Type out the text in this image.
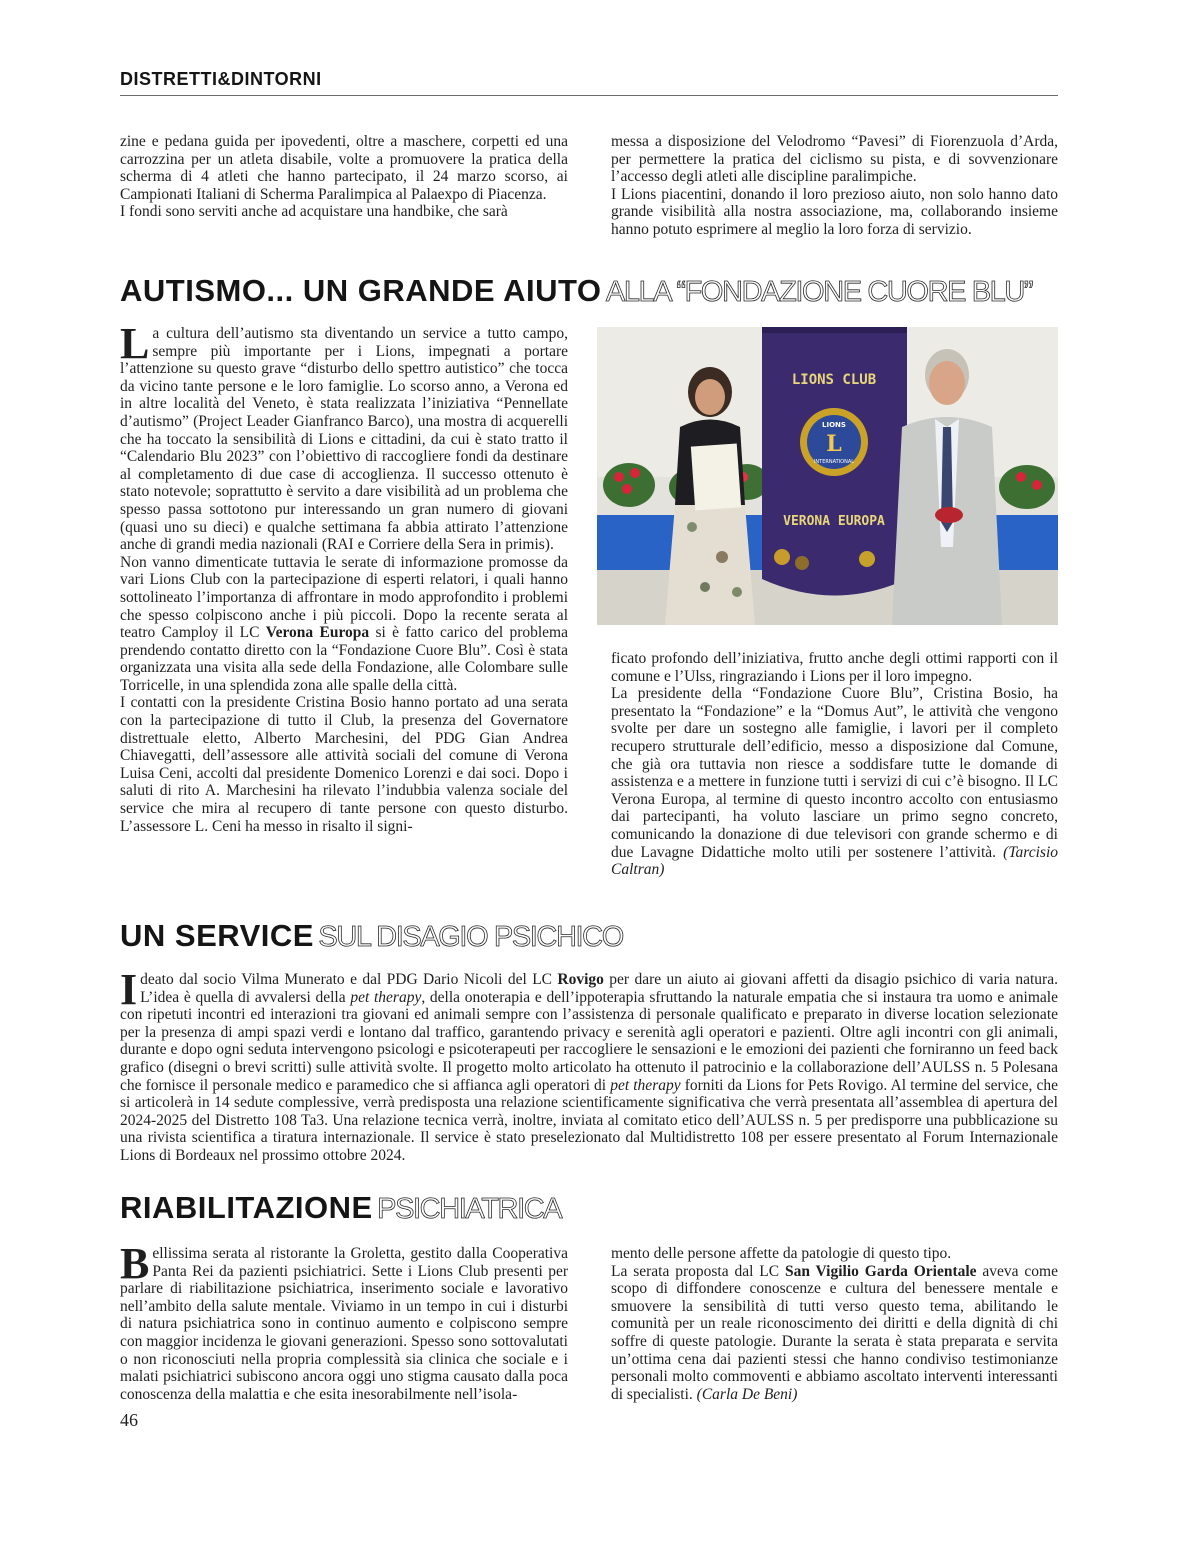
DISTRETTI&DINTORNI

zine e pedana guida per ipovedenti, oltre a maschere, corpetti ed una carrozzina per un atleta disabile, volte a promuovere la pratica della scherma di 4 atleti che hanno partecipato, il 24 marzo scorso, ai Campionati Italiani di Scherma Paralimpica al Palaexpo di Piacenza.

I fondi sono serviti anche ad acquistare una handbike, che sarà

messa a disposizione del Velodromo “Pavesi” di Fiorenzuola d’Arda, per permettere la pratica del ciclismo su pista, e di sovvenzionare l’accesso degli atleti alle discipline paralimpiche.

I Lions piacentini, donando il loro prezioso aiuto, non solo hanno dato grande visibilità alla nostra associazione, ma, collaborando insieme hanno potuto esprimere al meglio la loro forza di servizio.

AUTISMO... UN GRANDE AIUTO ALLA “FONDAZIONE CUORE BLU”

La cultura dell’autismo sta diventando un service a tutto campo, sempre più importante per i Lions, impegnati a portare l’attenzione su questo grave “disturbo dello spettro autistico” che tocca da vicino tante persone e le loro famiglie. Lo scorso anno, a Verona ed in altre località del Veneto, è stata realizzata l’iniziativa “Pennellate d’autismo” (Project Leader Gianfranco Barco), una mostra di acquerelli che ha toccato la sensibilità di Lions e cittadini, da cui è stato tratto il “Calendario Blu 2023” con l’obiettivo di raccogliere fondi da destinare al completamento di due case di accoglienza. Il successo ottenuto è stato notevole; soprattutto è servito a dare visibilità ad un problema che spesso passa sottotono pur interessando un gran numero di giovani (quasi uno su dieci) e qualche settimana fa abbia attirato l’attenzione anche di grandi media nazionali (RAI e Corriere della Sera in primis).

Non vanno dimenticate tuttavia le serate di informazione promosse da vari Lions Club con la partecipazione di esperti relatori, i quali hanno sottolineato l’importanza di affrontare in modo approfondito i problemi che spesso colpiscono anche i più piccoli. Dopo la recente serata al teatro Camploy il LC Verona Europa si è fatto carico del problema prendendo contatto diretto con la “Fondazione Cuore Blu”. Così è stata organizzata una visita alla sede della Fondazione, alle Colombare sulle Torricelle, in una splendida zona alle spalle della città.

I contatti con la presidente Cristina Bosio hanno portato ad una serata con la partecipazione di tutto il Club, la presenza del Governatore distrettuale eletto, Alberto Marchesini, del PDG Gian Andrea Chiavegatti, dell’assessore alle attività sociali del comune di Verona Luisa Ceni, accolti dal presidente Domenico Lorenzi e dai soci. Dopo i saluti di rito A. Marchesini ha rilevato l’indubbia valenza sociale del service che mira al recupero di tante persone con questo disturbo. L’assessore L. Ceni ha messo in risalto il signi-

LIONS CLUB
LIONS
L
INTERNATIONAL
VERONA EUROPA

ficato profondo dell’iniziativa, frutto anche degli ottimi rapporti con il comune e l’Ulss, ringraziando i Lions per il loro impegno.

La presidente della “Fondazione Cuore Blu”, Cristina Bosio, ha presentato la “Fondazione” e la “Domus Aut”, le attività che vengono svolte per dare un sostegno alle famiglie, i lavori per il completo recupero strutturale dell’edificio, messo a disposizione dal Comune, che già ora tuttavia non riesce a soddisfare tutte le domande di assistenza e a mettere in funzione tutti i servizi di cui c’è bisogno. Il LC Verona Europa, al termine di questo incontro accolto con entusiasmo dai partecipanti, ha voluto lasciare un primo segno concreto, comunicando la donazione di due televisori con grande schermo e di due Lavagne Didattiche molto utili per sostenere l’attività. (Tarcisio Caltran)

UN SERVICE SUL DISAGIO PSICHICO

Ideato dal socio Vilma Munerato e dal PDG Dario Nicoli del LC Rovigo per dare un aiuto ai giovani affetti da disagio psichico di varia natura. L’idea è quella di avvalersi della pet therapy, della onoterapia e dell’ippoterapia sfruttando la naturale empatia che si instaura tra uomo e animale con ripetuti incontri ed interazioni tra giovani ed animali sempre con l’assistenza di personale qualificato e preparato in diverse location selezionate per la presenza di ampi spazi verdi e lontano dal traffico, garantendo privacy e serenità agli operatori e pazienti. Oltre agli incontri con gli animali, durante e dopo ogni seduta intervengono psicologi e psicoterapeuti per raccogliere le sensazioni e le emozioni dei pazienti che forniranno un feed back grafico (disegni o brevi scritti) sulle attività svolte. Il progetto molto articolato ha ottenuto il patrocinio e la collaborazione dell’AULSS n. 5 Polesana che fornisce il personale medico e paramedico che si affianca agli operatori di pet therapy forniti da Lions for Pets Rovigo. Al termine del service, che si articolerà in 14 sedute complessive, verrà predisposta una relazione scientificamente significativa che verrà presentata all’assemblea di apertura del 2024-2025 del Distretto 108 Ta3. Una relazione tecnica verrà, inoltre, inviata al comitato etico dell’AULSS n. 5 per predisporre una pubblicazione su una rivista scientifica a tiratura internazionale. Il service è stato preselezionato dal Multidistretto 108 per essere presentato al Forum Internazionale Lions di Bordeaux nel prossimo ottobre 2024.

RIABILITAZIONE PSICHIATRICA

Bellissima serata al ristorante la Groletta, gestito dalla Cooperativa Panta Rei da pazienti psichiatrici. Sette i Lions Club presenti per parlare di riabilitazione psichiatrica, inserimento sociale e lavorativo nell’ambito della salute mentale. Viviamo in un tempo in cui i disturbi di natura psichiatrica sono in continuo aumento e colpiscono sempre con maggior incidenza le giovani generazioni. Spesso sono sottovalutati o non riconosciuti nella propria complessità sia clinica che sociale e i malati psichiatrici subiscono ancora oggi uno stigma causato dalla poca conoscenza della malattia e che esita inesorabilmente nell’isola-

mento delle persone affette da patologie di questo tipo.

La serata proposta dal LC San Vigilio Garda Orientale aveva come scopo di diffondere conoscenze e cultura del benessere mentale e smuovere la sensibilità di tutti verso questo tema, abilitando le comunità per un reale riconoscimento dei diritti e della dignità di chi soffre di queste patologie. Durante la serata è stata preparata e servita un’ottima cena dai pazienti stessi che hanno condiviso testimonianze personali molto commoventi e abbiamo ascoltato interventi interessanti di specialisti. (Carla De Beni)

46
